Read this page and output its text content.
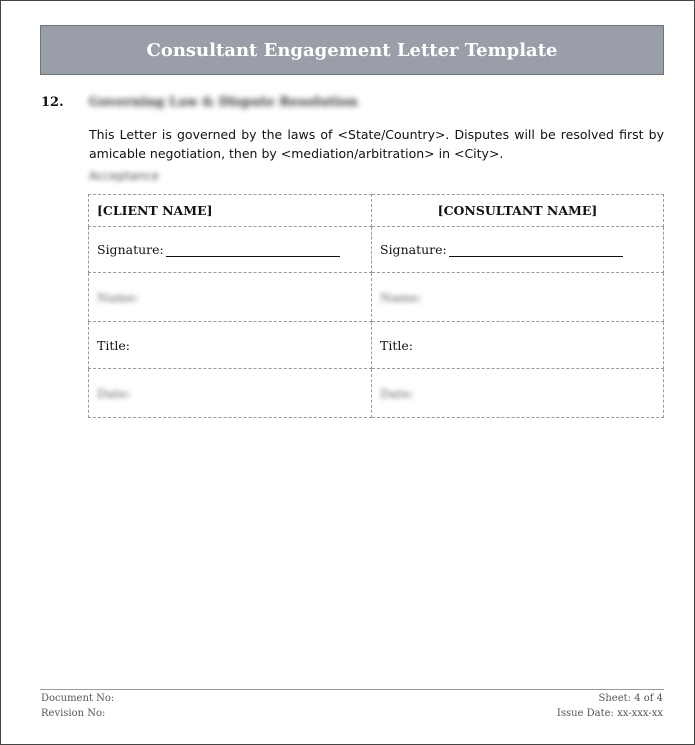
Consultant Engagement Letter Template
12. Governing Law & Dispute Resolution
This Letter is governed by the laws of <State/Country>. Disputes will be resolved first by amicable negotiation, then by <mediation/arbitration> in <City>.
Acceptance
[CLIENT NAME]	[CONSULTANT NAME]
Signature:	Signature:
Name:	Name:
Title:	Title:
Date:	Date:
Document No:
Revision No:
Sheet: 4 of 4
Issue Date: xx-xxx-xx
